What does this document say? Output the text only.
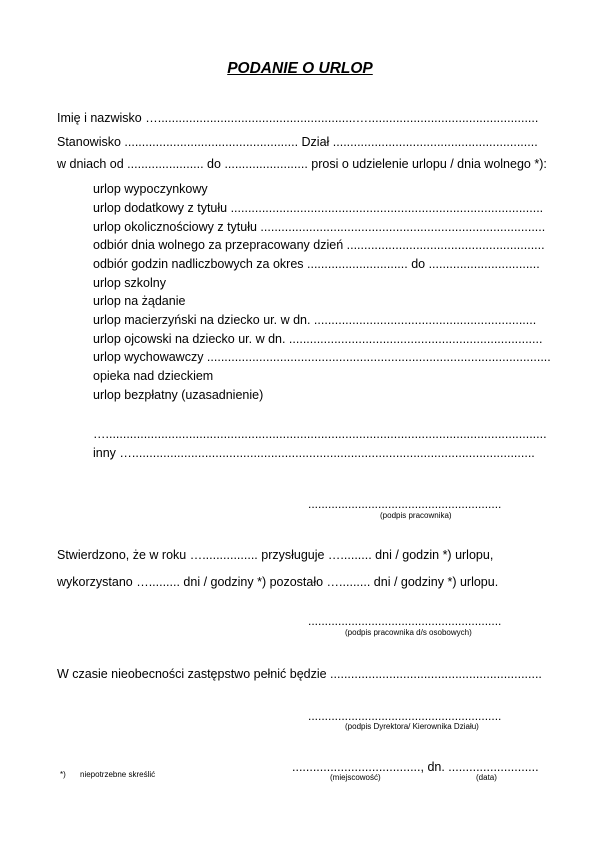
PODANIE O URLOP
Imię i nazwisko ….........................................................….................................................
Stanowisko .................................................. Dział ...........................................................
w dniach od ...................... do ........................ prosi o udzielenie urlopu / dnia wolnego *):
urlop wypoczynkowy
urlop dodatkowy z tytułu ..........................................................................................
urlop okolicznościowy z tytułu ..................................................................................
odbiór dnia wolnego za przepracowany dzień .........................................................
odbiór godzin nadliczbowych za okres ............................. do ................................
urlop szkolny
urlop na żądanie
urlop macierzyński na dziecko ur. w dn. ................................................................
urlop ojcowski na dziecko ur. w dn. .........................................................................
urlop wychowawczy ...................................................................................................
opieka nad dzieckiem
urlop bezpłatny (uzasadnienie)
…...............................................................................................................................
inny …....................................................................................................................
..........................................................
(podpis pracownika)
Stwierdzono, że w roku …................ przysługuje …......... dni / godzin *) urlopu,
wykorzystano …......... dni / godziny *) pozostało …......... dni / godziny *) urlopu.
..........................................................
(podpis pracownika d/s osobowych)
W czasie nieobecności zastępstwo pełnić będzie .............................................................
..........................................................
(podpis Dyrektora/ Kierownika Działu)
....................................., dn. ..........................
(miejscowość)	(data)
*) niepotrzebne skreślić
